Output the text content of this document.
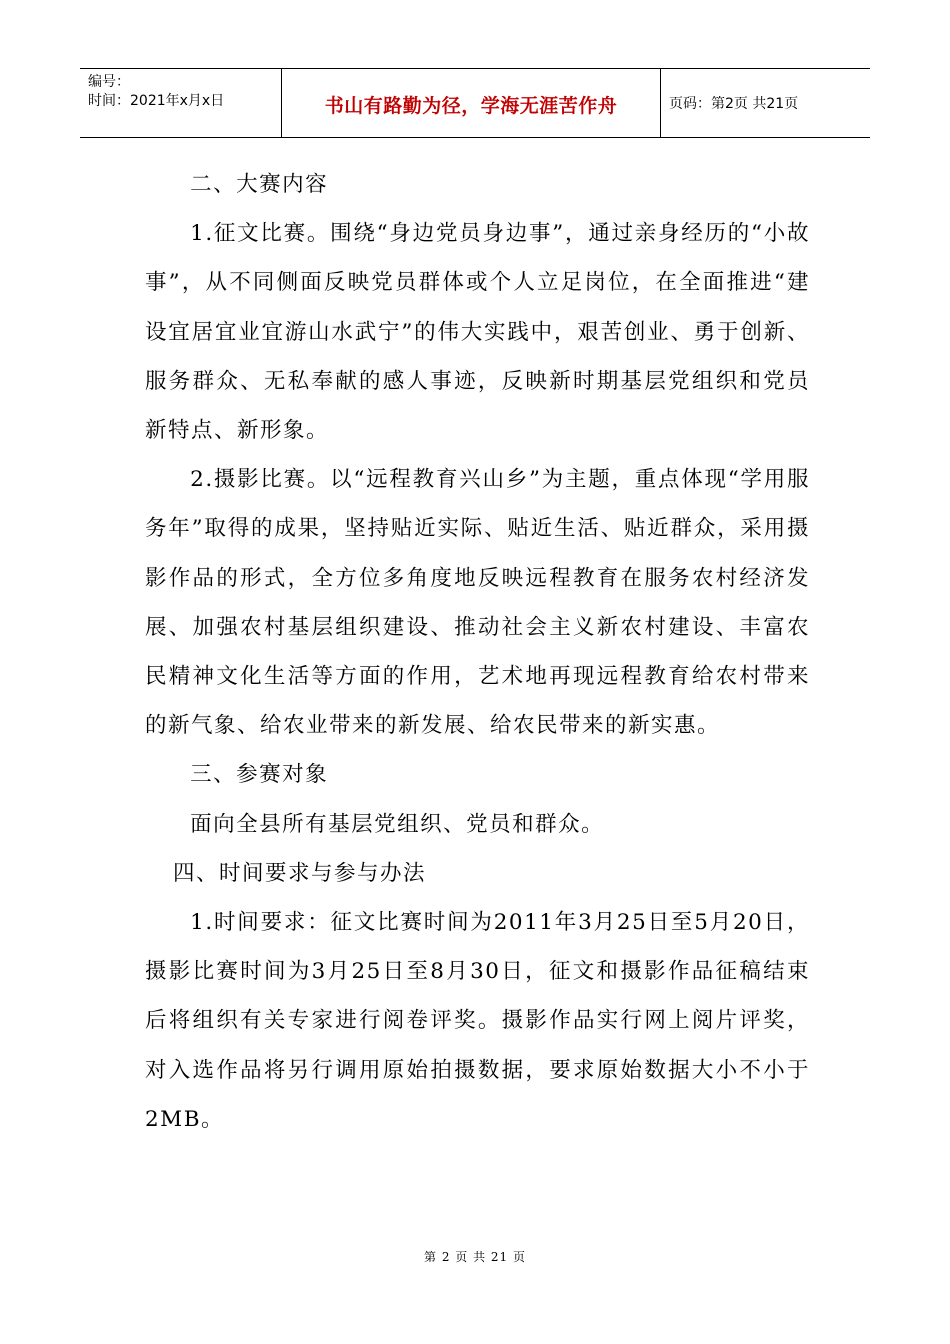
编号：
时间：2021年x月x日	书山有路勤为径，学海无涯苦作舟	页码：第2页 共21页

二、大赛内容

1.征文比赛。围绕“身边党员身边事”，通过亲身经历的“小故事”，从不同侧面反映党员群体或个人立足岗位，在全面推进“建设宜居宜业宜游山水武宁”的伟大实践中，艰苦创业、勇于创新、服务群众、无私奉献的感人事迹，反映新时期基层党组织和党员新特点、新形象。

2.摄影比赛。以“远程教育兴山乡”为主题，重点体现“学用服务年”取得的成果，坚持贴近实际、贴近生活、贴近群众，采用摄影作品的形式，全方位多角度地反映远程教育在服务农村经济发展、加强农村基层组织建设、推动社会主义新农村建设、丰富农民精神文化生活等方面的作用，艺术地再现远程教育给农村带来的新气象、给农业带来的新发展、给农民带来的新实惠。

三、参赛对象

面向全县所有基层党组织、党员和群众。

四、时间要求与参与办法

1.时间要求：征文比赛时间为2011年3月25日至5月20日，摄影比赛时间为3月25日至8月30日，征文和摄影作品征稿结束后将组织有关专家进行阅卷评奖。摄影作品实行网上阅片评奖，对入选作品将另行调用原始拍摄数据，要求原始数据大小不小于2MB。

第 2 页 共 21 页
